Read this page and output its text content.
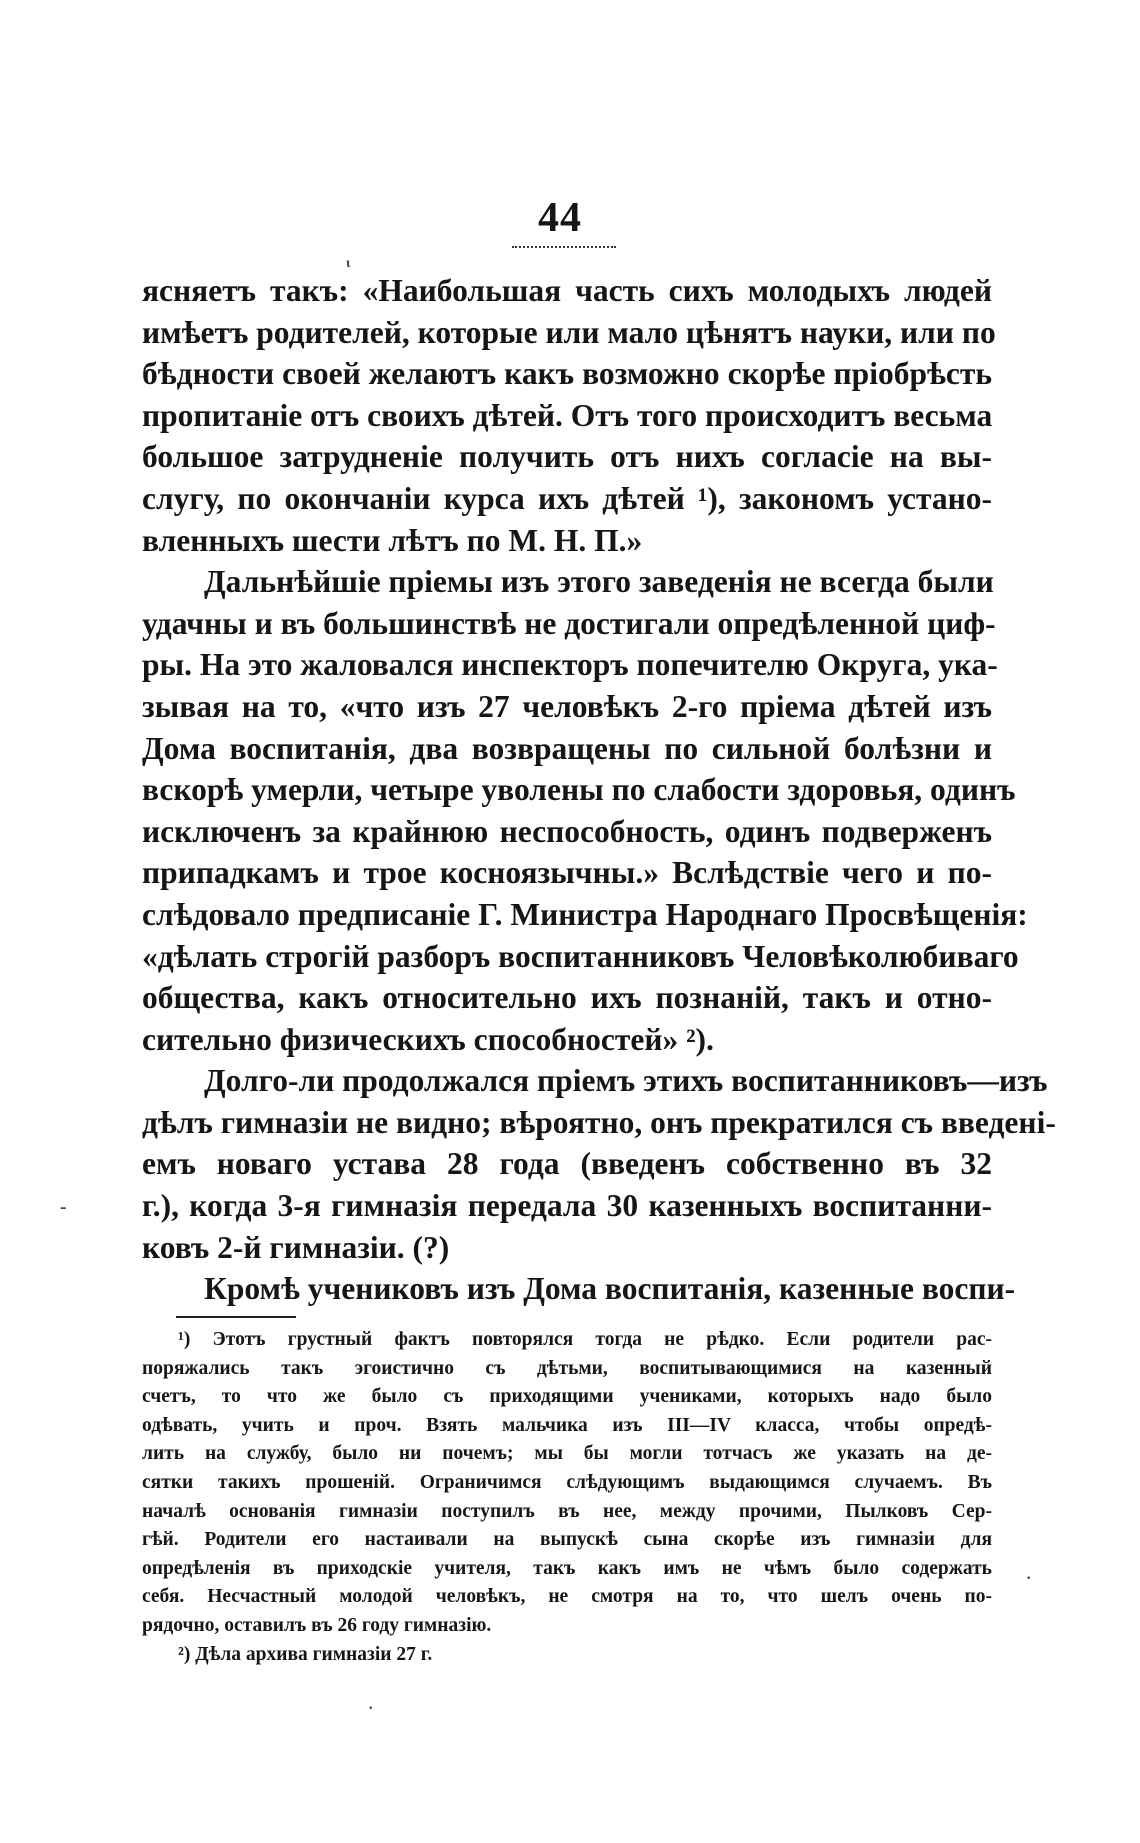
44
ясняетъ такъ: «Наибольшая часть сихъ молодыхъ людей
имѣетъ родителей, которые или мало цѣнятъ науки, или по
бѣдности своей желаютъ какъ возможно скорѣе пріобрѣсть
пропитаніе отъ своихъ дѣтей. Отъ того происходитъ весьма
большое затрудненіе получить отъ нихъ согласіе на вы-
слугу, по окончаніи курса ихъ дѣтей ¹), закономъ устано-
вленныхъ шести лѣтъ по М. Н. П.»
Дальнѣйшіе пріемы изъ этого заведенія не всегда были
удачны и въ большинствѣ не достигали опредѣленной циф-
ры. На это жаловался инспекторъ попечителю Округа, ука-
зывая на то, «что изъ 27 человѣкъ 2-го пріема дѣтей изъ
Дома воспитанія, два возвращены по сильной болѣзни и
вскорѣ умерли, четыре уволены по слабости здоровья, одинъ
исключенъ за крайнюю неспособность, одинъ подверженъ
припадкамъ и трое косноязычны.» Вслѣдствіе чего и по-
слѣдовало предписаніе Г. Министра Народнаго Просвѣщенія:
«дѣлать строгій разборъ воспитанниковъ Человѣколюбиваго
общества, какъ относительно ихъ познаній, такъ и отно-
сительно физическихъ способностей» ²).
Долго-ли продолжался пріемъ этихъ воспитанниковъ—изъ
дѣлъ гимназіи не видно; вѣроятно, онъ прекратился съ введені-
емъ новаго устава 28 года (введенъ собственно въ 32
г.), когда 3-я гимназія передала 30 казенныхъ воспитанни-
ковъ 2-й гимназіи. (?)
Кромѣ учениковъ изъ Дома воспитанія, казенные воспи-
¹) Этотъ грустный фактъ повторялся тогда не рѣдко. Если родители рас-
поряжались такъ эгоистично съ дѣтьми, воспитывающимися на казенный
счетъ, то что же было съ приходящими учениками, которыхъ надо было
одѣвать, учить и проч. Взять мальчика изъ III—IV класса, чтобы опредѣ-
лить на службу, было ни почемъ; мы бы могли тотчасъ же указать на де-
сятки такихъ прошеній. Ограничимся слѣдующимъ выдающимся случаемъ. Въ
началѣ основанія гимназіи поступилъ въ нее, между прочими, Пылковъ Сер-
гѣй. Родители его настаивали на выпускѣ сына скорѣе изъ гимназіи для
опредѣленія въ приходскіе учителя, такъ какъ имъ не чѣмъ было содержать
себя. Несчастный молодой человѣкъ, не смотря на то, что шелъ очень по-
рядочно, оставилъ въ 26 году гимназію.
²) Дѣла архива гимназіи 27 г.
ι
-
·
·
